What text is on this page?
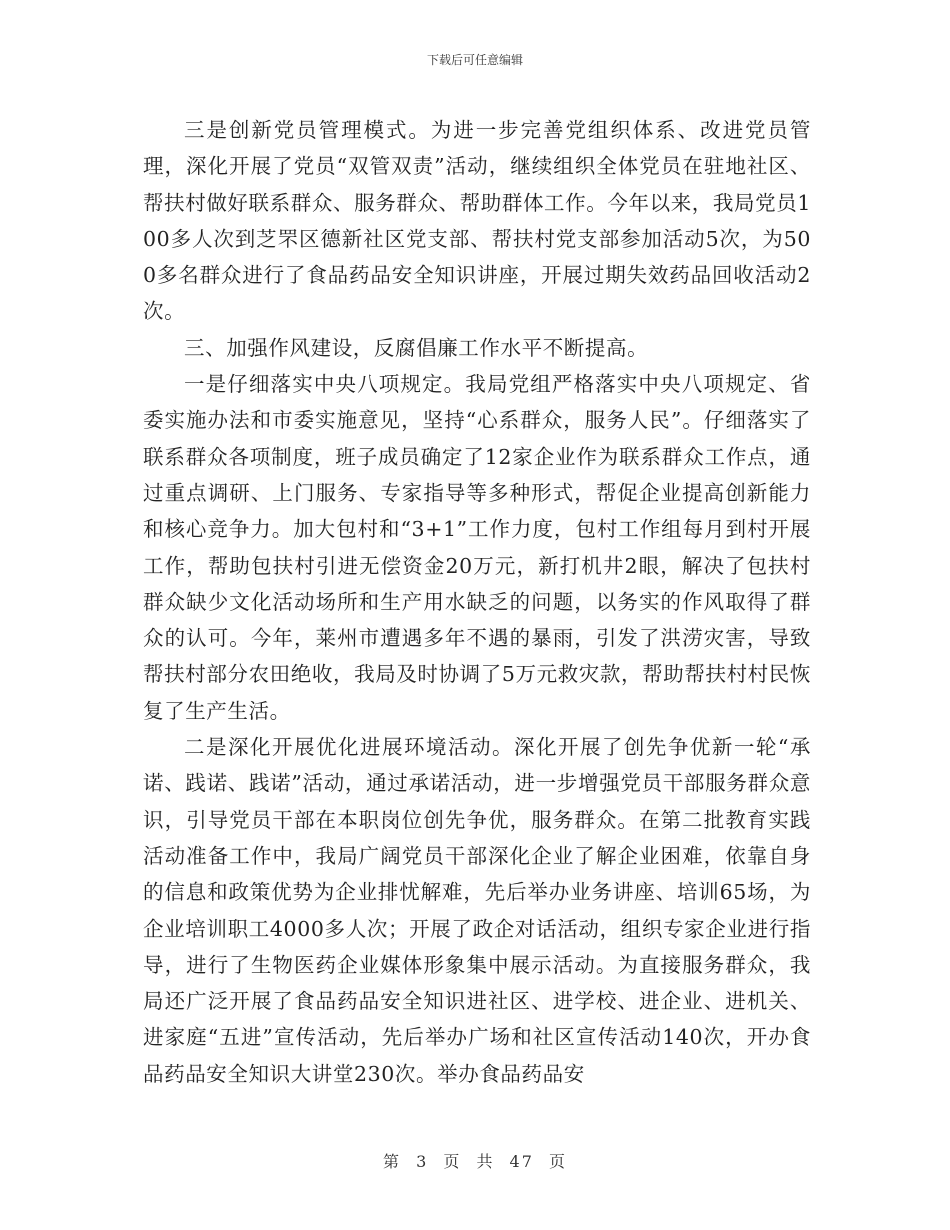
下载后可任意编辑

三是创新党员管理模式。为进一步完善党组织体系、改进党员管理，深化开展了党员“双管双责”活动，继续组织全体党员在驻地社区、帮扶村做好联系群众、服务群众、帮助群体工作。今年以来，我局党员100多人次到芝罘区德新社区党支部、帮扶村党支部参加活动5次，为500多名群众进行了食品药品安全知识讲座，开展过期失效药品回收活动2次。

三、加强作风建设，反腐倡廉工作水平不断提高。

一是仔细落实中央八项规定。我局党组严格落实中央八项规定、省委实施办法和市委实施意见，坚持“心系群众，服务人民”。仔细落实了联系群众各项制度，班子成员确定了12家企业作为联系群众工作点，通过重点调研、上门服务、专家指导等多种形式，帮促企业提高创新能力和核心竞争力。加大包村和“3+1”工作力度，包村工作组每月到村开展工作，帮助包扶村引进无偿资金20万元，新打机井2眼，解决了包扶村群众缺少文化活动场所和生产用水缺乏的问题，以务实的作风取得了群众的认可。今年，莱州市遭遇多年不遇的暴雨，引发了洪涝灾害，导致帮扶村部分农田绝收，我局及时协调了5万元救灾款，帮助帮扶村村民恢复了生产生活。

二是深化开展优化进展环境活动。深化开展了创先争优新一轮“承诺、践诺、践诺”活动，通过承诺活动，进一步增强党员干部服务群众意识，引导党员干部在本职岗位创先争优，服务群众。在第二批教育实践活动准备工作中，我局广阔党员干部深化企业了解企业困难，依靠自身的信息和政策优势为企业排忧解难，先后举办业务讲座、培训65场，为企业培训职工4000多人次；开展了政企对话活动，组织专家企业进行指导，进行了生物医药企业媒体形象集中展示活动。为直接服务群众，我局还广泛开展了食品药品安全知识进社区、进学校、进企业、进机关、进家庭“五进”宣传活动，先后举办广场和社区宣传活动140次，开办食品药品安全知识大讲堂230次。举办食品药品安

第 3 页 共 47 页
